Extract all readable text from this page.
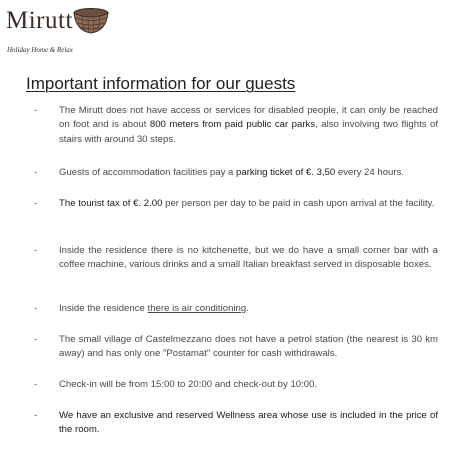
Mirutt
Holiday Home & Relax
Important information for our guests
- The Mirutt does not have access or services for disabled people, it can only be reached on foot and is about 800 meters from paid public car parks, also involving two flights of stairs with around 30 steps.
- Guests of accommodation facilities pay a parking ticket of €. 3,50 every 24 hours.
- The tourist tax of €. 2.00 per person per day to be paid in cash upon arrival at the facility.
- Inside the residence there is no kitchenette, but we do have a small corner bar with a coffee machine, various drinks and a small Italian breakfast served in disposable boxes.
- Inside the residence there is air conditioning.
- The small village of Castelmezzano does not have a petrol station (the nearest is 30 km away) and has only one "Postamat" counter for cash withdrawals.
- Check-in will be from 15:00 to 20:00 and check-out by 10:00.
- We have an exclusive and reserved Wellness area whose use is included in the price of the room.
